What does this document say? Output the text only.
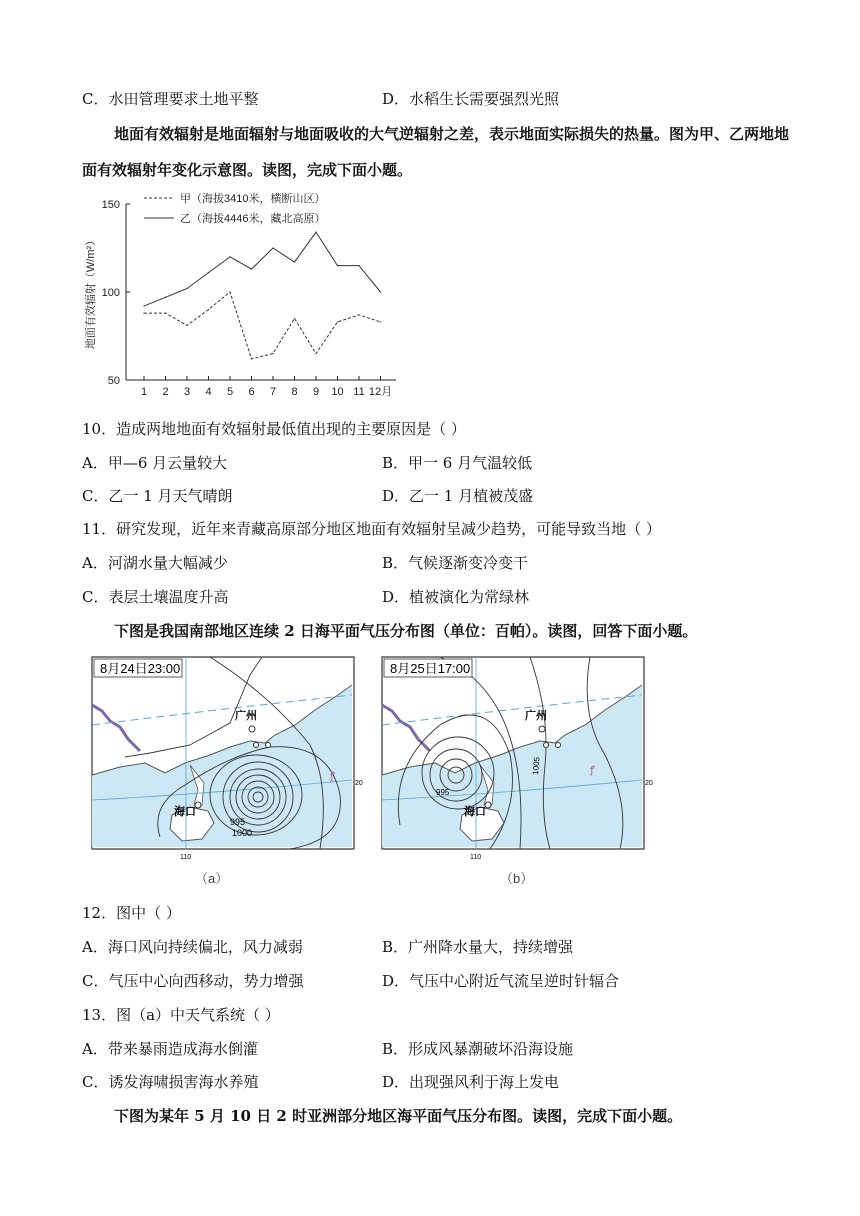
C．水田管理要求土地平整	D．水稻生长需要强烈光照
地面有效辐射是地面辐射与地面吸收的大气逆辐射之差，表示地面实际损失的热量。图为甲、乙两地地面有效辐射年变化示意图。读图，完成下面小题。
50
100
150
1 2 3 4 5 6 7 8 9 10 11 12月
地面有效辐射（W/m²）
甲（海拔3410米，横断山区）
乙（海拔4446米，藏北高原）
10．造成两地地面有效辐射最低值出现的主要原因是（ ）
A．甲—6 月云量较大	B．甲一 6 月气温较低
C．乙一 1 月天气晴朗	D．乙一 1 月植被茂盛
11．研究发现，近年来青藏高原部分地区地面有效辐射呈减少趋势，可能导致当地（ ）
A．河湖水量大幅减少	B．气候逐渐变冷变干
C．表层土壤温度升高	D．植被演化为常绿林
下图是我国南部地区连续 2 日海平面气压分布图（单位：百帕）。读图，回答下面小题。
广州
海口
995
1000
20
110
ꝭ
8月24日23:00
（a）
广州
海口
995
1005
20
110
ꝭ
8月25日17:00
（b）
12．图中（ ）
A．海口风向持续偏北，风力减弱	B．广州降水量大，持续增强
C．气压中心向西移动，势力增强	D．气压中心附近气流呈逆时针辐合
13．图（a）中天气系统（ ）
A．带来暴雨造成海水倒灌	B．形成风暴潮破坏沿海设施
C．诱发海啸损害海水养殖	D．出现强风利于海上发电
下图为某年 5 月 10 日 2 时亚洲部分地区海平面气压分布图。读图，完成下面小题。
